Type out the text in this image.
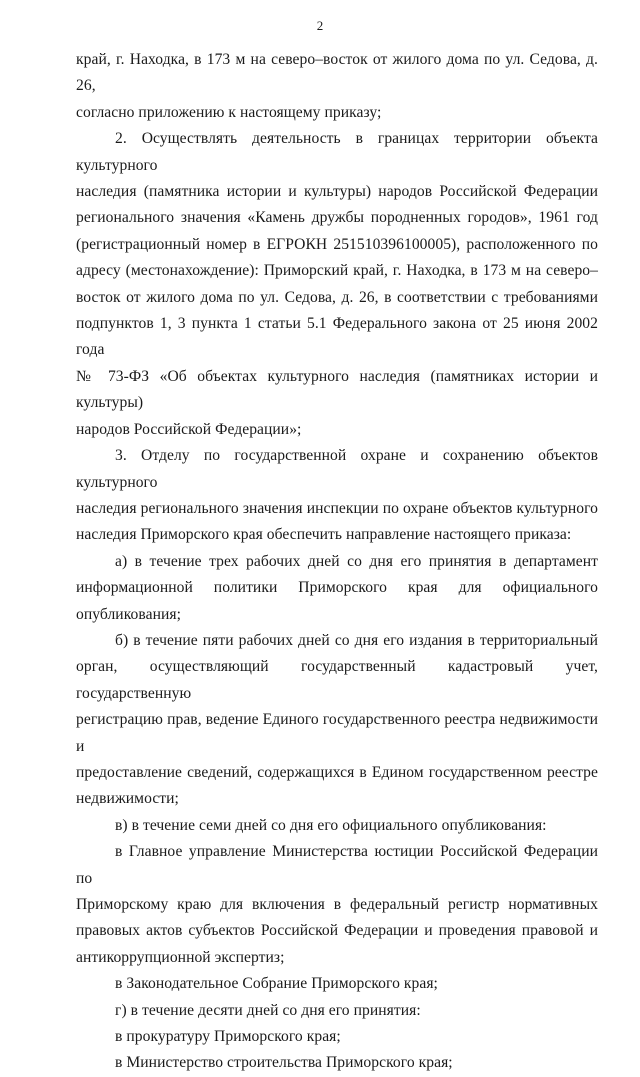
2

край, г. Находка, в 173 м на северо–восток от жилого дома по ул. Седова, д. 26,
согласно приложению к настоящему приказу;

2. Осуществлять деятельность в границах территории объекта культурного
наследия (памятника истории и культуры) народов Российской Федерации
регионального значения «Камень дружбы породненных городов», 1961 год
(регистрационный номер в ЕГРОКН 251510396100005), расположенного по
адресу (местонахождение): Приморский край, г. Находка, в 173 м на северо–
восток от жилого дома по ул. Седова, д. 26, в соответствии с требованиями
подпунктов 1, 3 пункта 1 статьи 5.1 Федерального закона от 25 июня 2002 года
№ 73-ФЗ «Об объектах культурного наследия (памятниках истории и культуры)
народов Российской Федерации»;

3. Отделу по государственной охране и сохранению объектов культурного
наследия регионального значения инспекции по охране объектов культурного
наследия Приморского края обеспечить направление настоящего приказа:

а) в течение трех рабочих дней со дня его принятия в департамент
информационной политики Приморского края для официального
опубликования;

б) в течение пяти рабочих дней со дня его издания в территориальный
орган, осуществляющий государственный кадастровый учет, государственную
регистрацию прав, ведение Единого государственного реестра недвижимости и
предоставление сведений, содержащихся в Едином государственном реестре
недвижимости;

в) в течение семи дней со дня его официального опубликования:

в Главное управление Министерства юстиции Российской Федерации по
Приморскому краю для включения в федеральный регистр нормативных
правовых актов субъектов Российской Федерации и проведения правовой и
антикоррупционной экспертиз;

в Законодательное Собрание Приморского края;

г) в течение десяти дней со дня его принятия:

в прокуратуру Приморского края;

в Министерство строительства Приморского края;
